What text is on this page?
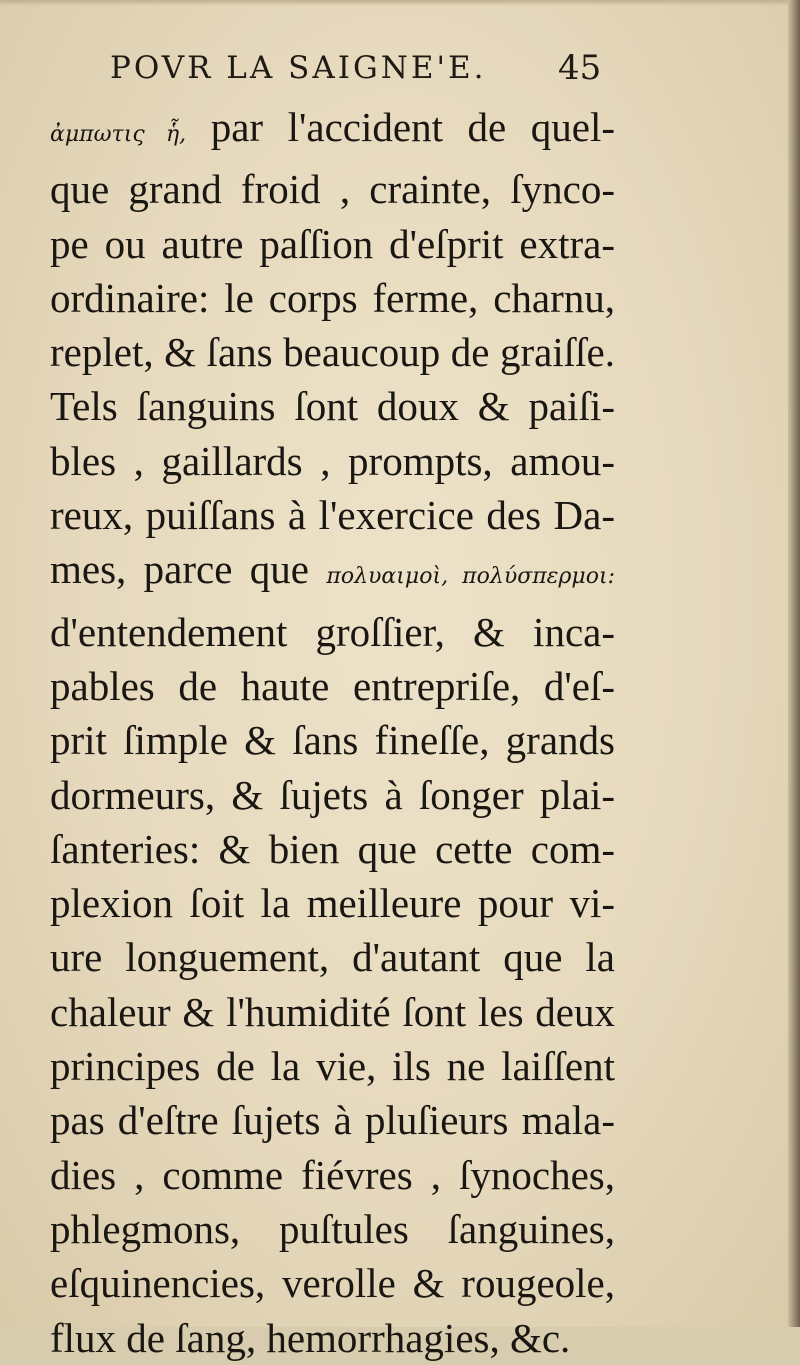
POVR LA SAIGNE'E. 45
ἀμπωτις ἧ, par l'accident de quel-
que grand froid , crainte, ſynco-
pe ou autre paſſion d'eſprit extra-
ordinaire: le corps ferme, charnu,
replet, & ſans beaucoup de graiſſe.
Tels ſanguins ſont doux & paiſi-
bles , gaillards , prompts, amou-
reux, puiſſans à l'exercice des Da-
mes, parce que πολυαιμοὶ, πολύσπερμοι:
d'entendement groſſier, & inca-
pables de haute entrepriſe, d'eſ-
prit ſimple & ſans fineſſe, grands
dormeurs, & ſujets à ſonger plai-
ſanteries: & bien que cette com-
plexion ſoit la meilleure pour vi-
ure longuement, d'autant que la
chaleur & l'humidité ſont les deux
principes de la vie, ils ne laiſſent
pas d'eſtre ſujets à pluſieurs mala-
dies , comme fiévres , ſynoches,
phlegmons, puſtules ſanguines,
eſquinencies, verolle & rougeole,
flux de ſang, hemorrhagies, &c.
